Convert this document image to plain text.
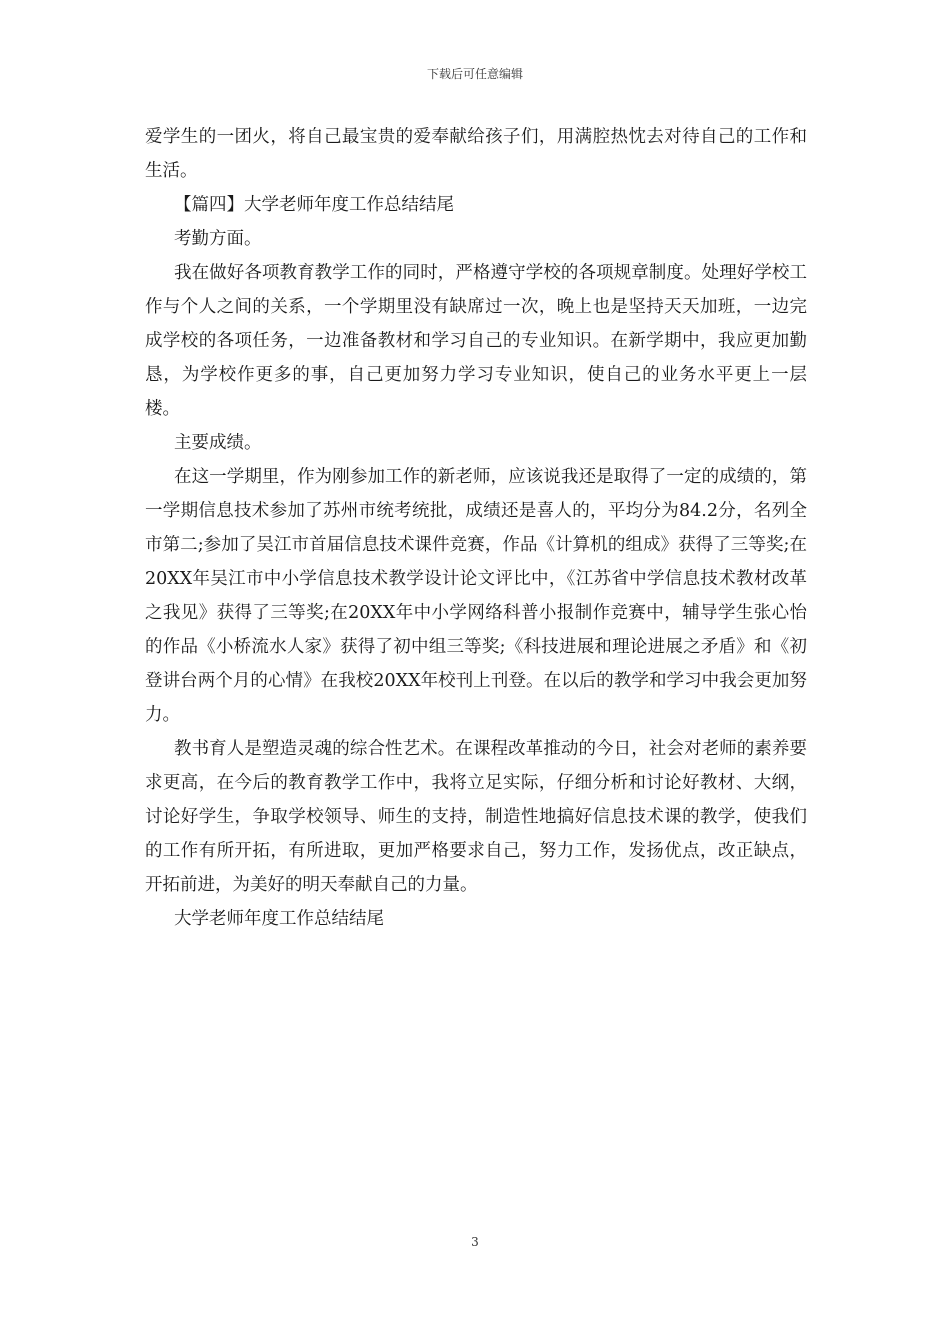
下载后可任意编辑

爱学生的一团火，将自己最宝贵的爱奉献给孩子们，用满腔热忱去对待自己的工作和生活。

【篇四】大学老师年度工作总结结尾

考勤方面。

我在做好各项教育教学工作的同时，严格遵守学校的各项规章制度。处理好学校工作与个人之间的关系，一个学期里没有缺席过一次，晚上也是坚持天天加班，一边完成学校的各项任务，一边准备教材和学习自己的专业知识。在新学期中，我应更加勤恳，为学校作更多的事，自己更加努力学习专业知识，使自己的业务水平更上一层楼。

主要成绩。

在这一学期里，作为刚参加工作的新老师，应该说我还是取得了一定的成绩的，第一学期信息技术参加了苏州市统考统批，成绩还是喜人的，平均分为84.2分，名列全市第二;参加了吴江市首届信息技术课件竞赛，作品《计算机的组成》获得了三等奖;在20XX年吴江市中小学信息技术教学设计论文评比中，《江苏省中学信息技术教材改革之我见》获得了三等奖;在20XX年中小学网络科普小报制作竞赛中，辅导学生张心怡的作品《小桥流水人家》获得了初中组三等奖;《科技进展和理论进展之矛盾》和《初登讲台两个月的心情》在我校20XX年校刊上刊登。在以后的教学和学习中我会更加努力。

教书育人是塑造灵魂的综合性艺术。在课程改革推动的今日，社会对老师的素养要求更高，在今后的教育教学工作中，我将立足实际，仔细分析和讨论好教材、大纲，讨论好学生，争取学校领导、师生的支持，制造性地搞好信息技术课的教学，使我们的工作有所开拓，有所进取，更加严格要求自己，努力工作，发扬优点，改正缺点，开拓前进，为美好的明天奉献自己的力量。

大学老师年度工作总结结尾

3
